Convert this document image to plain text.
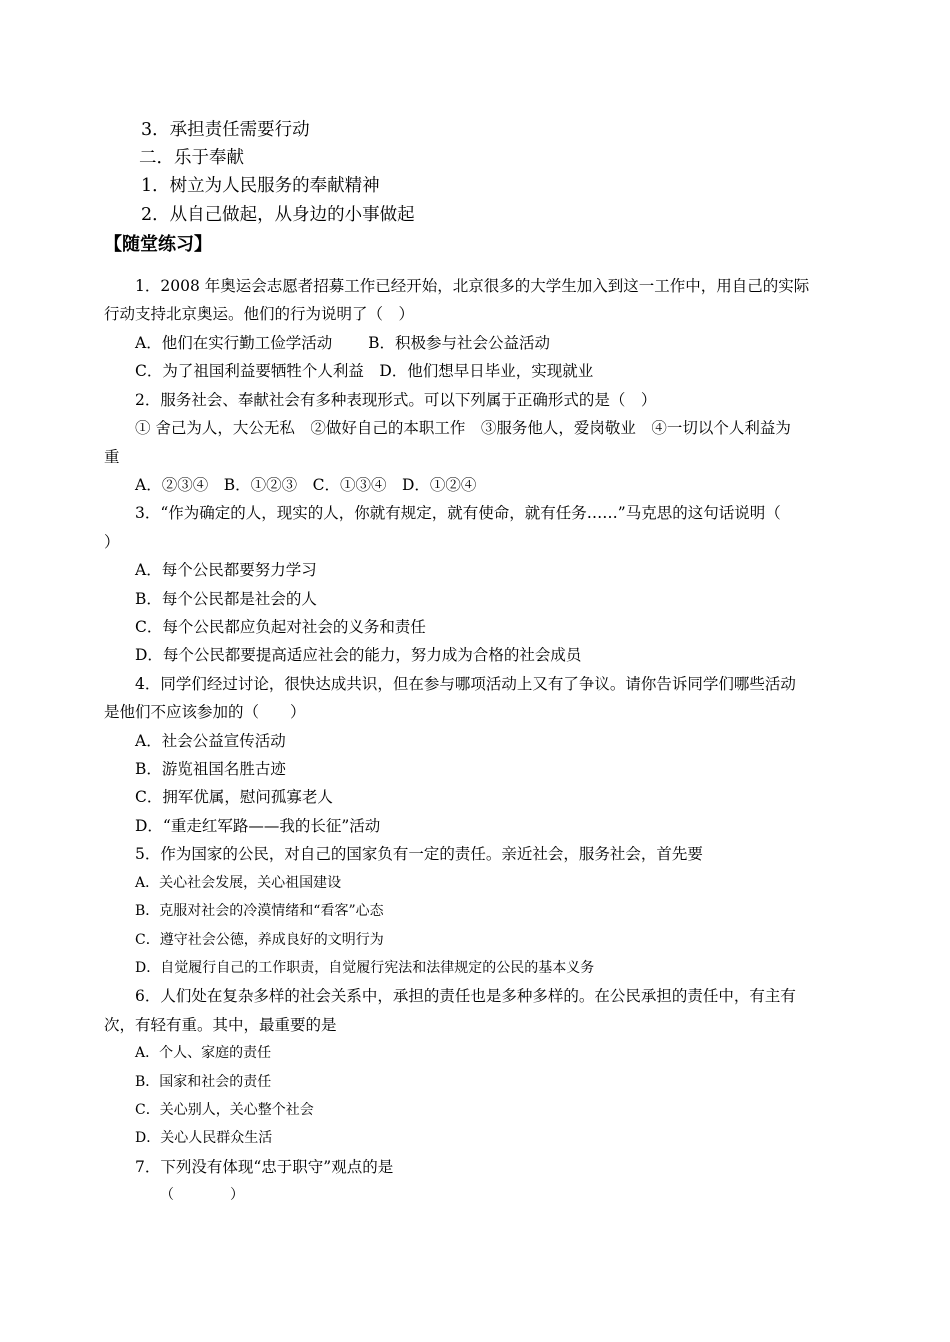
3．承担责任需要行动
二．乐于奉献
1．树立为人民服务的奉献精神
2．从自己做起，从身边的小事做起
【随堂练习】
1．2008 年奥运会志愿者招募工作已经开始，北京很多的大学生加入到这一工作中，用自己的实际
行动支持北京奥运。他们的行为说明了（　）
A．他们在实行勤工俭学活动　　 B．积极参与社会公益活动
C．为了祖国利益要牺牲个人利益　D．他们想早日毕业，实现就业
2．服务社会、奉献社会有多种表现形式。可以下列属于正确形式的是（　）
① 舍己为人，大公无私　②做好自己的本职工作　③服务他人，爱岗敬业　④一切以个人利益为
重
A．②③④　B．①②③　C．①③④　D．①②④
3．“作为确定的人，现实的人，你就有规定，就有使命，就有任务……”马克思的这句话说明（
）
A．每个公民都要努力学习
B．每个公民都是社会的人
C．每个公民都应负起对社会的义务和责任
D．每个公民都要提高适应社会的能力，努力成为合格的社会成员
4．同学们经过讨论，很快达成共识，但在参与哪项活动上又有了争议。请你告诉同学们哪些活动
是他们不应该参加的（　　）
A．社会公益宣传活动
B．游览祖国名胜古迹
C．拥军优属，慰问孤寡老人
D．“重走红军路——我的长征”活动
5．作为国家的公民，对自己的国家负有一定的责任。亲近社会，服务社会，首先要
A．关心社会发展，关心祖国建设
B．克服对社会的冷漠情绪和“看客”心态
C．遵守社会公德，养成良好的文明行为
D．自觉履行自己的工作职责，自觉履行宪法和法律规定的公民的基本义务
6．人们处在复杂多样的社会关系中，承担的责任也是多种多样的。在公民承担的责任中，有主有
次，有轻有重。其中，最重要的是
A．个人、家庭的责任
B．国家和社会的责任
C．关心别人，关心整个社会
D．关心人民群众生活
7．下列没有体现“忠于职守”观点的是
（　　　　）
